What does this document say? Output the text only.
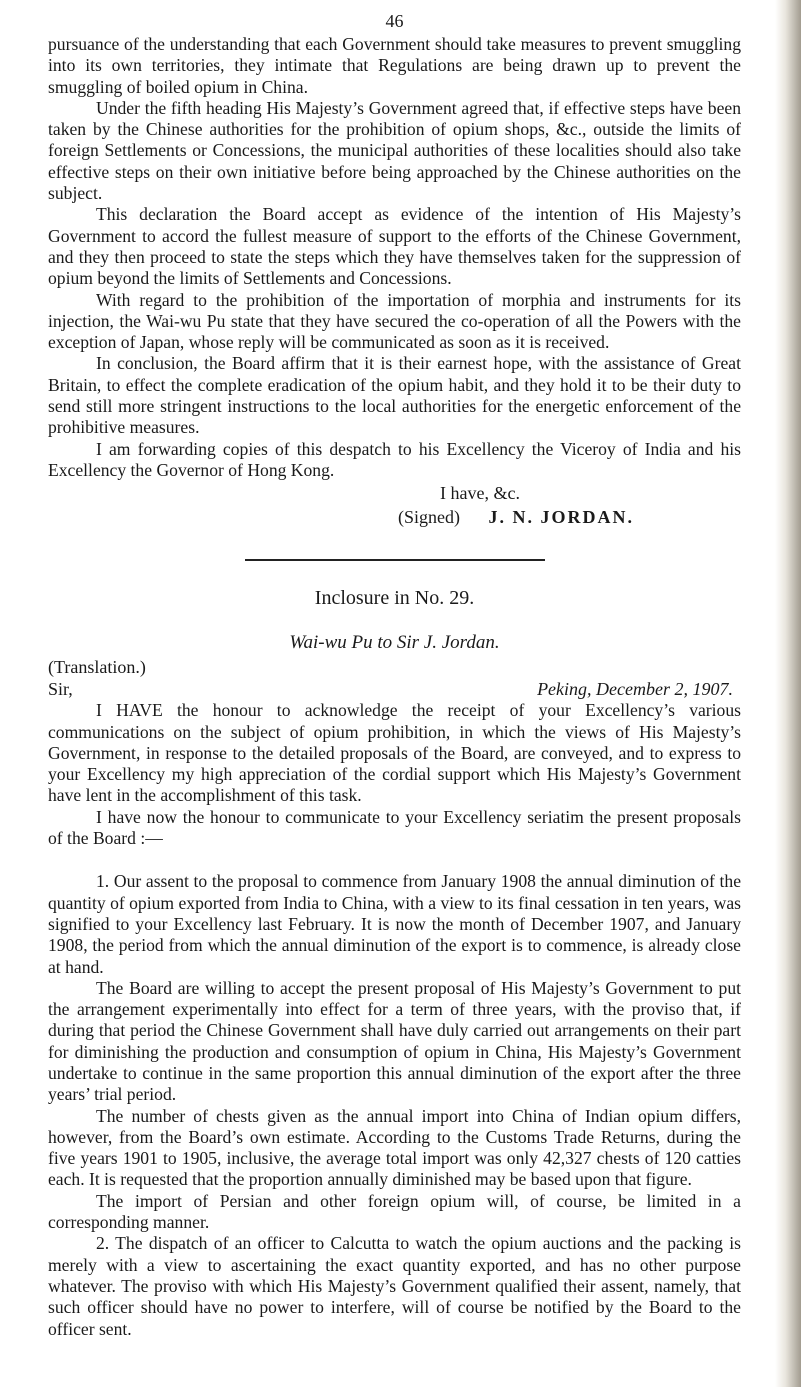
46

pursuance of the understanding that each Government should take measures to prevent smuggling into its own territories, they intimate that Regulations are being drawn up to prevent the smuggling of boiled opium in China.

Under the fifth heading His Majesty’s Government agreed that, if effective steps have been taken by the Chinese authorities for the prohibition of opium shops, &c., outside the limits of foreign Settlements or Concessions, the municipal authorities of these localities should also take effective steps on their own initiative before being approached by the Chinese authorities on the subject.

This declaration the Board accept as evidence of the intention of His Majesty’s Government to accord the fullest measure of support to the efforts of the Chinese Government, and they then proceed to state the steps which they have themselves taken for the suppression of opium beyond the limits of Settlements and Concessions.

With regard to the prohibition of the importation of morphia and instruments for its injection, the Wai-wu Pu state that they have secured the co-operation of all the Powers with the exception of Japan, whose reply will be communicated as soon as it is received.

In conclusion, the Board affirm that it is their earnest hope, with the assistance of Great Britain, to effect the complete eradication of the opium habit, and they hold it to be their duty to send still more stringent instructions to the local authorities for the energetic enforcement of the prohibitive measures.

I am forwarding copies of this despatch to his Excellency the Viceroy of India and his Excellency the Governor of Hong Kong.

I have, &c.
(Signed) J. N. JORDAN.
Inclosure in No. 29.
Wai-wu Pu to Sir J. Jordan.
(Translation.)
Sir,	Peking, December 2, 1907.

I HAVE the honour to acknowledge the receipt of your Excellency’s various communications on the subject of opium prohibition, in which the views of His Majesty’s Government, in response to the detailed proposals of the Board, are conveyed, and to express to your Excellency my high appreciation of the cordial support which His Majesty’s Government have lent in the accomplishment of this task.

I have now the honour to communicate to your Excellency seriatim the present proposals of the Board :—

1. Our assent to the proposal to commence from January 1908 the annual diminution of the quantity of opium exported from India to China, with a view to its final cessation in ten years, was signified to your Excellency last February. It is now the month of December 1907, and January 1908, the period from which the annual diminution of the export is to commence, is already close at hand.

The Board are willing to accept the present proposal of His Majesty’s Government to put the arrangement experimentally into effect for a term of three years, with the proviso that, if during that period the Chinese Government shall have duly carried out arrangements on their part for diminishing the production and consumption of opium in China, His Majesty’s Government undertake to continue in the same proportion this annual diminution of the export after the three years’ trial period.

The number of chests given as the annual import into China of Indian opium differs, however, from the Board’s own estimate. According to the Customs Trade Returns, during the five years 1901 to 1905, inclusive, the average total import was only 42,327 chests of 120 catties each. It is requested that the proportion annually diminished may be based upon that figure.

The import of Persian and other foreign opium will, of course, be limited in a corresponding manner.

2. The dispatch of an officer to Calcutta to watch the opium auctions and the packing is merely with a view to ascertaining the exact quantity exported, and has no other purpose whatever. The proviso with which His Majesty’s Government qualified their assent, namely, that such officer should have no power to interfere, will of course be notified by the Board to the officer sent.
